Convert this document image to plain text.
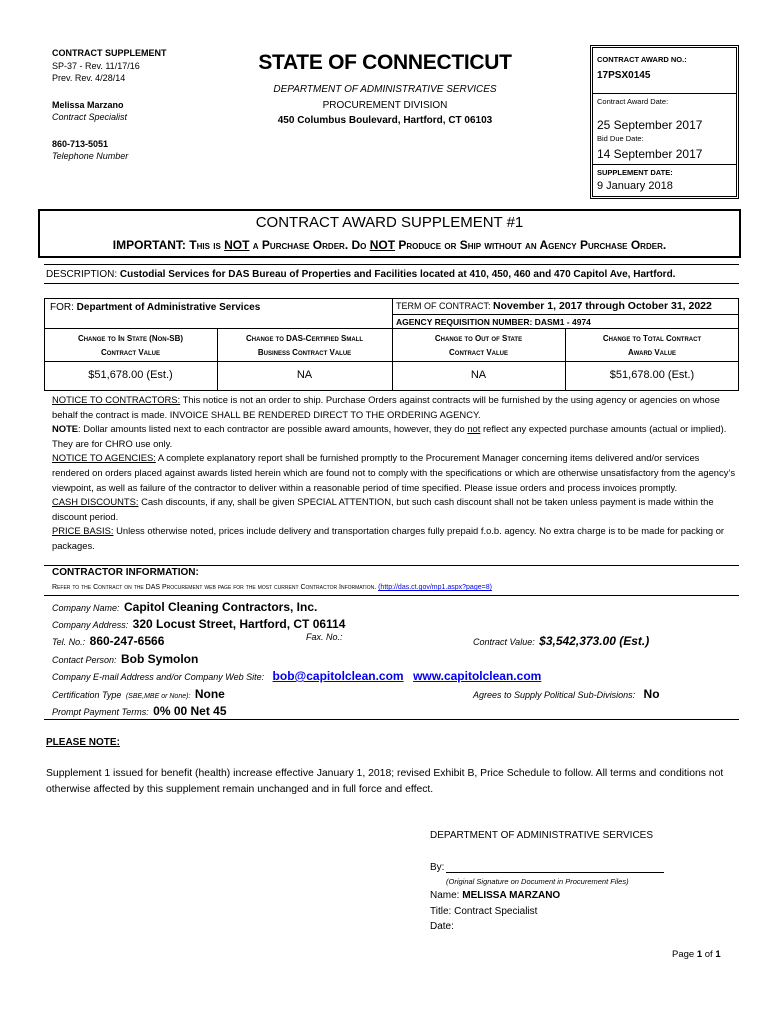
CONTRACT SUPPLEMENT
SP-37 - Rev. 11/17/16
Prev. Rev. 4/28/14
Melissa Marzano
Contract Specialist
860-713-5051
Telephone Number
STATE OF CONNECTICUT
DEPARTMENT OF ADMINISTRATIVE SERVICES
PROCUREMENT DIVISION
450 Columbus Boulevard, Hartford, CT 06103
CONTRACT AWARD NO.:
17PSX0145
Contract Award Date:
25 September 2017
Bid Due Date:
14 September 2017
SUPPLEMENT DATE:
9 January 2018
CONTRACT AWARD SUPPLEMENT #1
IMPORTANT: This is NOT a Purchase Order. Do NOT Produce or Ship without an Agency Purchase Order.
DESCRIPTION: Custodial Services for DAS Bureau of Properties and Facilities located at 410, 450, 460 and 470 Capitol Ave, Hartford.
FOR: Department of Administrative Services	TERM OF CONTRACT: November 1, 2017 through October 31, 2022
AGENCY REQUISITION NUMBER: DASM1 - 4974
Change to In State (Non-SB)
Contract Value
Change to DAS-Certified Small
Business Contract Value
Change to Out of State
Contract Value
Change to Total Contract
Award Value
$51,678.00 (Est.)	NA	NA	$51,678.00 (Est.)

NOTICE TO CONTRACTORS: This notice is not an order to ship. Purchase Orders against contracts will be furnished by the using agency or agencies on whose behalf the contract is made. INVOICE SHALL BE RENDERED DIRECT TO THE ORDERING AGENCY.

NOTE: Dollar amounts listed next to each contractor are possible award amounts, however, they do not reflect any expected purchase amounts (actual or implied). They are for CHRO use only.

NOTICE TO AGENCIES: A complete explanatory report shall be furnished promptly to the Procurement Manager concerning items delivered and/or services rendered on orders placed against awards listed herein which are found not to comply with the specifications or which are otherwise unsatisfactory from the agency’s viewpoint, as well as failure of the contractor to deliver within a reasonable period of time specified. Please issue orders and process invoices promptly.

CASH DISCOUNTS: Cash discounts, if any, shall be given SPECIAL ATTENTION, but such cash discount shall not be taken unless payment is made within the discount period.

PRICE BASIS: Unless otherwise noted, prices include delivery and transportation charges fully prepaid f.o.b. agency. No extra charge is to be made for packing or packages.

CONTRACTOR INFORMATION:
Refer to the Contract on the DAS Procurement web page for the most current Contractor Information. (http://das.ct.gov/mp1.aspx?page=8)
Company Name: Capitol Cleaning Contractors, Inc.
Company Address: 320 Locust Street, Hartford, CT 06114
Tel. No.: 860-247-6566	Fax. No.:	Contract Value: $3,542,373.00 (Est.)
Contact Person: Bob Symolon
Company E-mail Address and/or Company Web Site: bob@capitolclean.com www.capitolclean.com
Certification Type (SBE,MBE or None): None	Agrees to Supply Political Sub-Divisions: No
Prompt Payment Terms: 0% 00 Net 45
PLEASE NOTE:
Supplement 1 issued for benefit (health) increase effective January 1, 2018; revised Exhibit B, Price Schedule to follow. All terms and conditions not otherwise affected by this supplement remain unchanged and in full force and effect.
DEPARTMENT OF ADMINISTRATIVE SERVICES
By:
(Original Signature on Document in Procurement Files)
Name: MELISSA MARZANO
Title: Contract Specialist
Date:
Page 1 of 1
